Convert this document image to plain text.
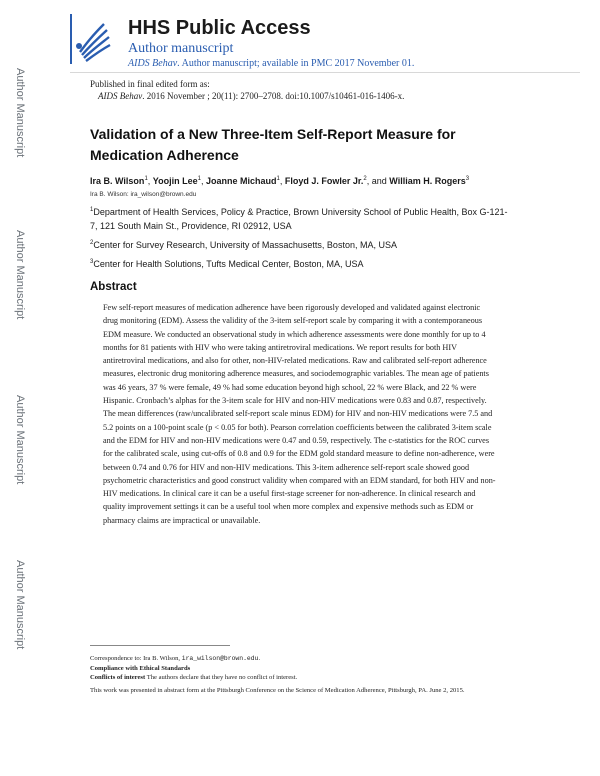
Author Manuscript
Author Manuscript
Author Manuscript
Author Manuscript
HHS Public Access
Author manuscript
AIDS Behav. Author manuscript; available in PMC 2017 November 01.
Published in final edited form as:
AIDS Behav. 2016 November ; 20(11): 2700–2708. doi:10.1007/s10461-016-1406-x.
Validation of a New Three-Item Self-Report Measure for Medication Adherence
Ira B. Wilson$^1$, Yoojin Lee$^1$, Joanne Michaud$^1$, Floyd J. Fowler Jr.$^2$, and William H. Rogers$^3$
Ira B. Wilson: ira_wilson@brown.edu
$^1$Department of Health Services, Policy & Practice, Brown University School of Public Health, Box G-121-7, 121 South Main St., Providence, RI 02912, USA
$^2$Center for Survey Research, University of Massachusetts, Boston, MA, USA
$^3$Center for Health Solutions, Tufts Medical Center, Boston, MA, USA
Abstract
Few self-report measures of medication adherence have been rigorously developed and validated against electronic drug monitoring (EDM). Assess the validity of the 3-item self-report scale by comparing it with a contemporaneous EDM measure. We conducted an observational study in which adherence assessments were done monthly for up to 4 months for 81 patients with HIV who were taking antiretroviral medications. We report results for both HIV antiretroviral medications, and also for other, non-HIV-related medications. Raw and calibrated self-report adherence measures, electronic drug monitoring adherence measures, and sociodemographic variables. The mean age of patients was 46 years, 37 % were female, 49 % had some education beyond high school, 22 % were Black, and 22 % were Hispanic. Cronbach’s alphas for the 3-item scale for HIV and non-HIV medications were 0.83 and 0.87, respectively. The mean differences (raw/uncalibrated self-report scale minus EDM) for HIV and non-HIV medications were 7.5 and 5.2 points on a 100-point scale (p < 0.05 for both). Pearson correlation coefficients between the calibrated 3-item scale and the EDM for HIV and non-HIV medications were 0.47 and 0.59, respectively. The c-statistics for the ROC curves for the calibrated scale, using cut-offs of 0.8 and 0.9 for the EDM gold standard measure to define non-adherence, were between 0.74 and 0.76 for HIV and non-HIV medications. This 3-item adherence self-report scale showed good psychometric characteristics and good construct validity when compared with an EDM standard, for both HIV and non-HIV medications. In clinical care it can be a useful first-stage screener for non-adherence. In clinical research and quality improvement settings it can be a useful tool when more complex and expensive methods such as EDM or pharmacy claims are impractical or unavailable.
Correspondence to: Ira B. Wilson, ira_wilson@brown.edu.
Compliance with Ethical Standards
Conflicts of interest The authors declare that they have no conflict of interest.
This work was presented in abstract form at the Pittsburgh Conference on the Science of Medication Adherence, Pittsburgh, PA. June 2, 2015.
